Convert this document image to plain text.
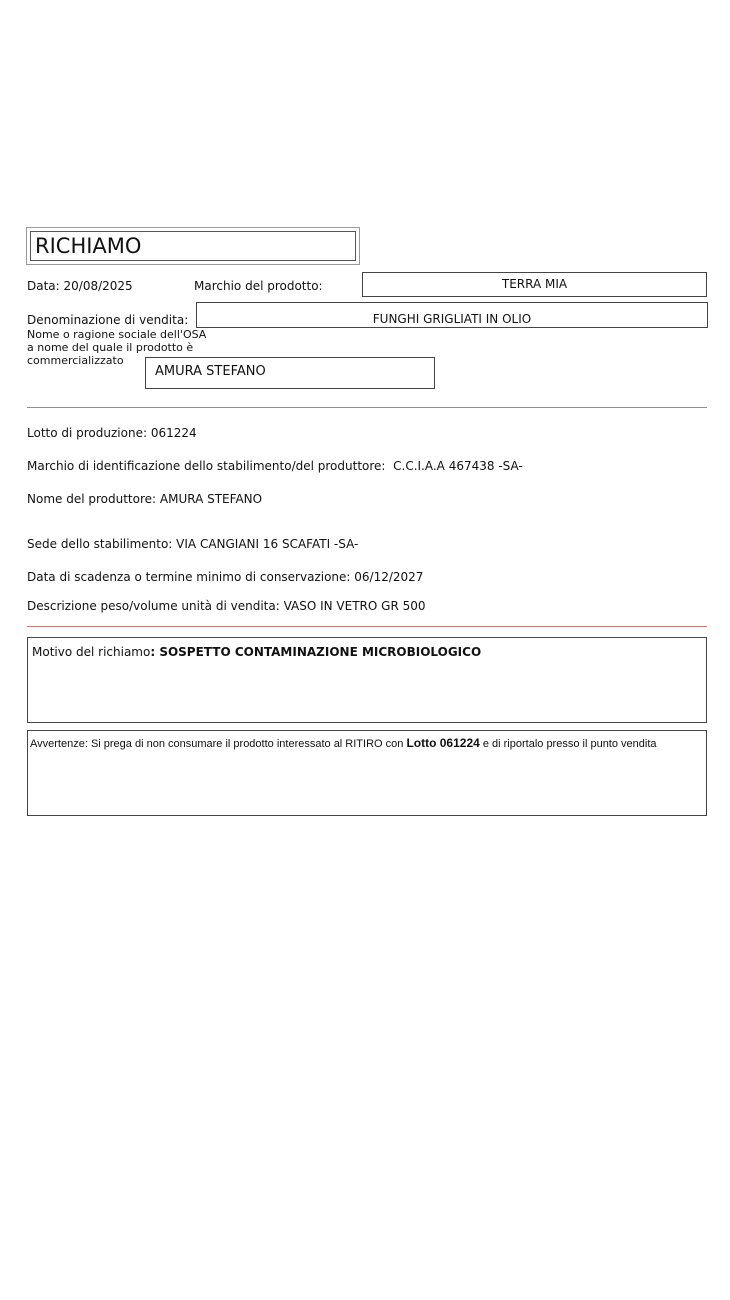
RICHIAMO
Data: 20/08/2025	Marchio del prodotto:	TERRA MIA
Denominazione di vendita:	FUNGHI GRIGLIATI IN OLIO
Nome o ragione sociale dell'OSA
a nome del quale il prodotto è
commercializzato
AMURA STEFANO
Lotto di produzione: 061224
Marchio di identificazione dello stabilimento/del produttore: C.C.I.A.A 467438 -SA-
Nome del produttore: AMURA STEFANO
Sede dello stabilimento: VIA CANGIANI 16 SCAFATI -SA-
Data di scadenza o termine minimo di conservazione: 06/12/2027
Descrizione peso/volume unità di vendita: VASO IN VETRO GR 500
Motivo del richiamo: SOSPETTO CONTAMINAZIONE MICROBIOLOGICO
Avvertenze: Si prega di non consumare il prodotto interessato al RITIRO con Lotto 061224 e di riportalo presso il punto vendita
